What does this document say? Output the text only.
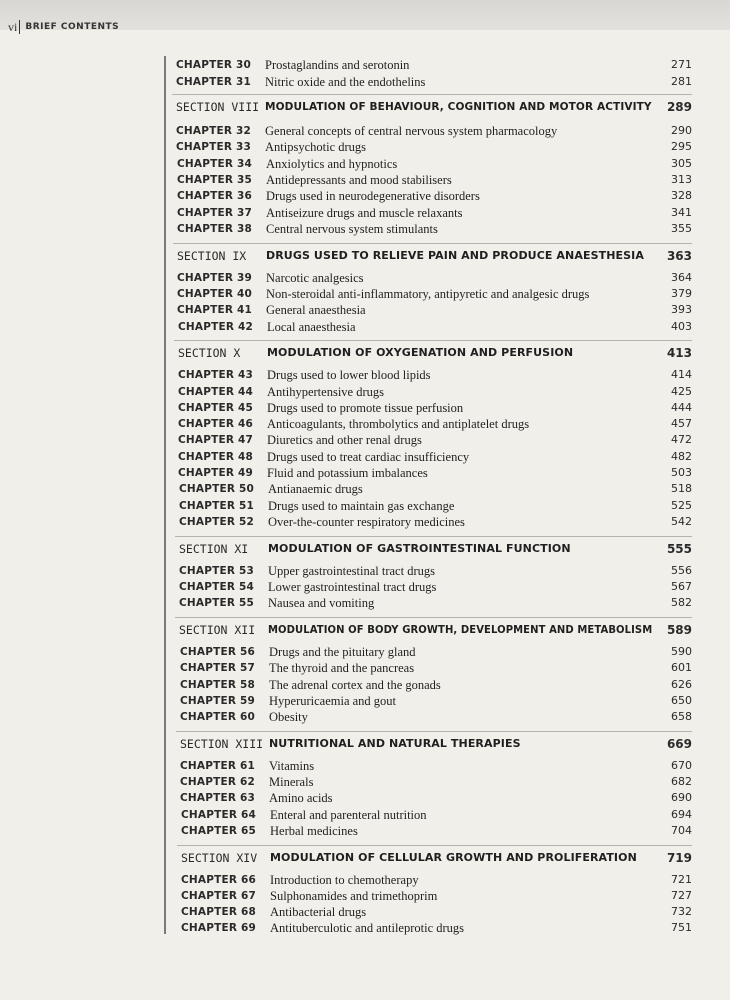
vi BRIEF CONTENTS
CHAPTER 30 Prostaglandins and serotonin	271
CHAPTER 31 Nitric oxide and the endothelins	281
SECTION VIII MODULATION OF BEHAVIOUR, COGNITION AND MOTOR ACTIVITY 289
CHAPTER 32 General concepts of central nervous system pharmacology	290
CHAPTER 33 Antipsychotic drugs	295
CHAPTER 34 Anxiolytics and hypnotics	305
CHAPTER 35 Antidepressants and mood stabilisers	313
CHAPTER 36 Drugs used in neurodegenerative disorders	328
CHAPTER 37 Antiseizure drugs and muscle relaxants	341
CHAPTER 38 Central nervous system stimulants	355
SECTION IX DRUGS USED TO RELIEVE PAIN AND PRODUCE ANAESTHESIA 363
CHAPTER 39 Narcotic analgesics	364
CHAPTER 40 Non-steroidal anti-inflammatory, antipyretic and analgesic drugs	379
CHAPTER 41 General anaesthesia	393
CHAPTER 42 Local anaesthesia	403
SECTION X MODULATION OF OXYGENATION AND PERFUSION	413
CHAPTER 43 Drugs used to lower blood lipids	414
CHAPTER 44 Antihypertensive drugs	425
CHAPTER 45 Drugs used to promote tissue perfusion	444
CHAPTER 46 Anticoagulants, thrombolytics and antiplatelet drugs	457
CHAPTER 47 Diuretics and other renal drugs	472
CHAPTER 48 Drugs used to treat cardiac insufficiency	482
CHAPTER 49 Fluid and potassium imbalances	503
CHAPTER 50 Antianaemic drugs	518
CHAPTER 51 Drugs used to maintain gas exchange	525
CHAPTER 52 Over-the-counter respiratory medicines	542
SECTION XI MODULATION OF GASTROINTESTINAL FUNCTION	555
CHAPTER 53 Upper gastrointestinal tract drugs	556
CHAPTER 54 Lower gastrointestinal tract drugs	567
CHAPTER 55 Nausea and vomiting	582
SECTION XII MODULATION OF BODY GROWTH, DEVELOPMENT AND METABOLISM 589
CHAPTER 56 Drugs and the pituitary gland	590
CHAPTER 57 The thyroid and the pancreas	601
CHAPTER 58 The adrenal cortex and the gonads	626
CHAPTER 59 Hyperuricaemia and gout	650
CHAPTER 60 Obesity	658
SECTION XIII NUTRITIONAL AND NATURAL THERAPIES	669
CHAPTER 61 Vitamins	670
CHAPTER 62 Minerals	682
CHAPTER 63 Amino acids	690
CHAPTER 64 Enteral and parenteral nutrition	694
CHAPTER 65 Herbal medicines	704
SECTION XIV MODULATION OF CELLULAR GROWTH AND PROLIFERATION	719
CHAPTER 66 Introduction to chemotherapy	721
CHAPTER 67 Sulphonamides and trimethoprim	727
CHAPTER 68 Antibacterial drugs	732
CHAPTER 69 Antituberculotic and antileprotic drugs	751
